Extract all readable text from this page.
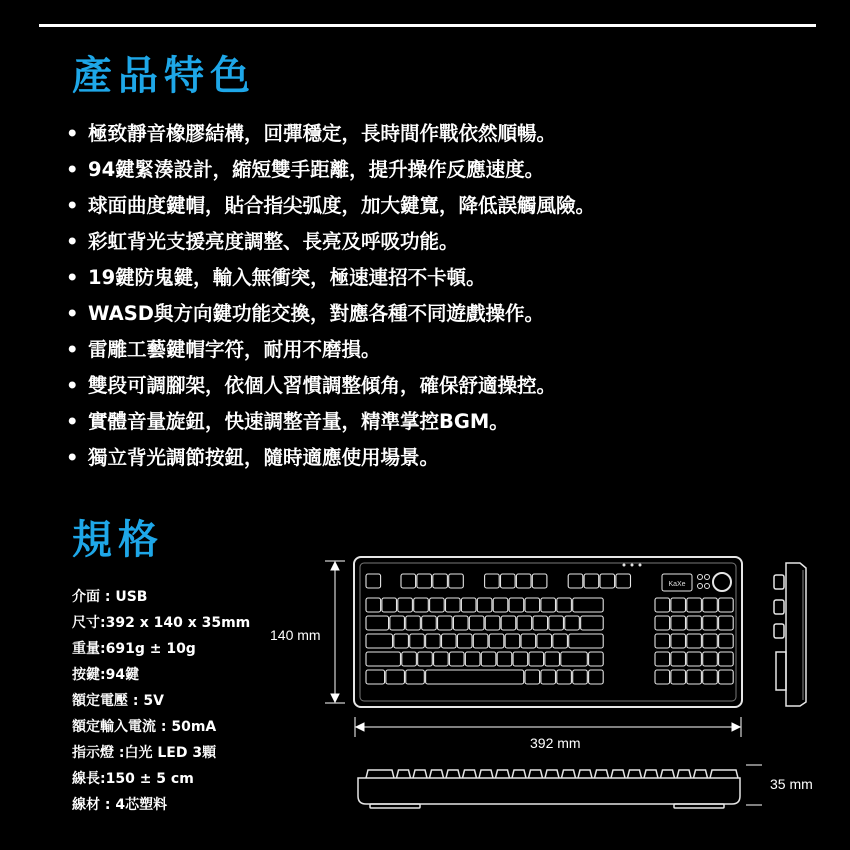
產品特色
• 極致靜音橡膠結構，回彈穩定，長時間作戰依然順暢。
• 94鍵緊湊設計，縮短雙手距離，提升操作反應速度。
• 球面曲度鍵帽，貼合指尖弧度，加大鍵寬，降低誤觸風險。
• 彩虹背光支援亮度調整、長亮及呼吸功能。
• 19鍵防鬼鍵，輸入無衝突，極速連招不卡頓。
• WASD與方向鍵功能交換，對應各種不同遊戲操作。
• 雷雕工藝鍵帽字符，耐用不磨損。
• 雙段可調腳架，依個人習慣調整傾角，確保舒適操控。
• 實體音量旋鈕，快速調整音量，精準掌控BGM。
• 獨立背光調節按鈕，隨時適應使用場景。
規格
介面 : USB
尺寸:392 x 140 x 35mm
重量:691g ± 10g
按鍵:94鍵
額定電壓 : 5V
額定輸入電流 : 50mA
指示燈 :白光 LED 3顆
線長:150 ± 5 cm
線材 : 4芯塑料
KaXe
140 mm
392 mm
35 mm
